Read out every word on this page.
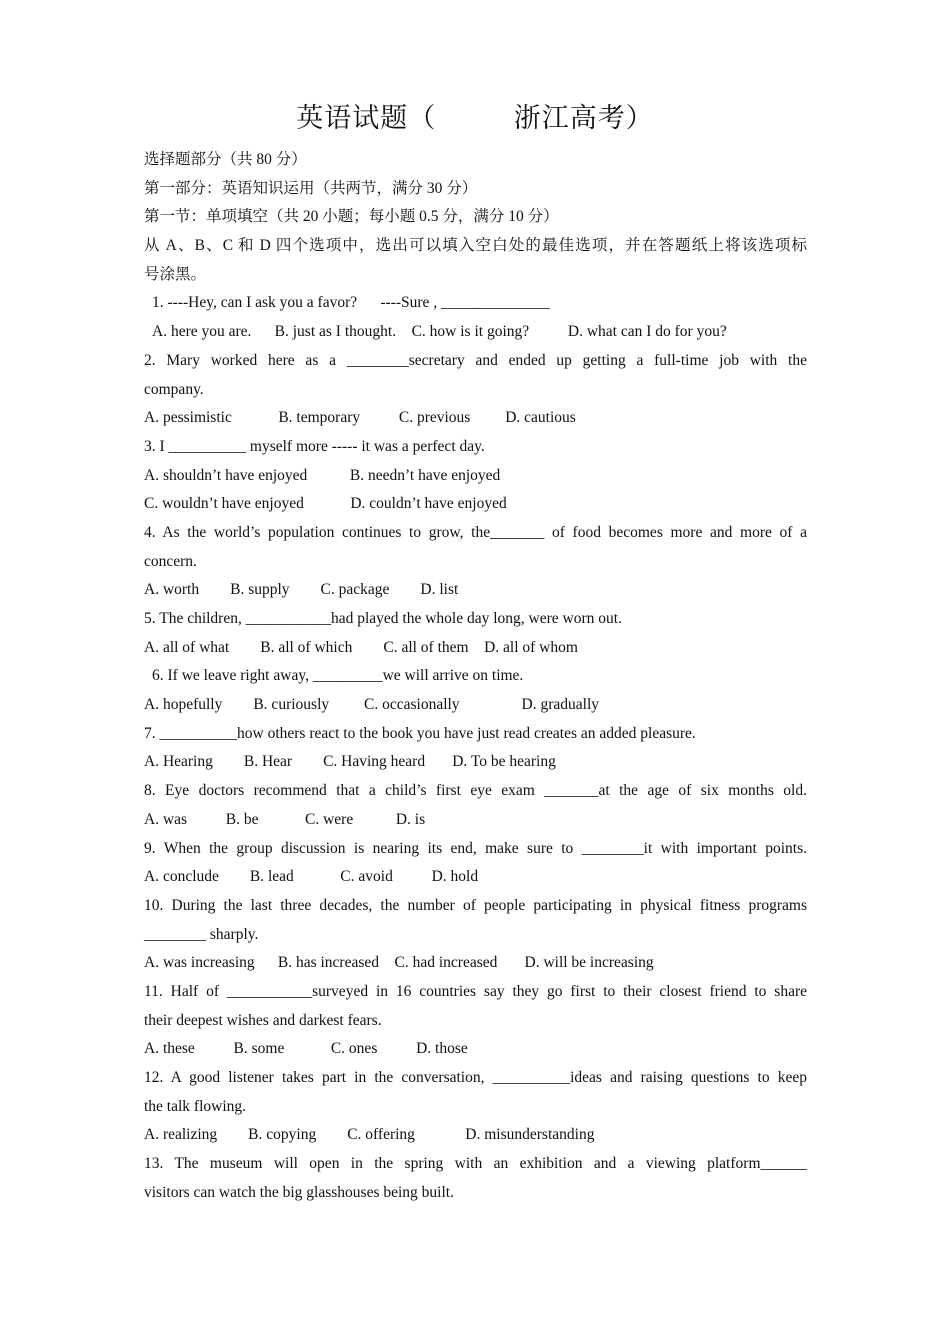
英语试题（          浙江高考）
选择题部分（共 80 分）
第一部分：英语知识运用（共两节，满分 30 分）
第一节：单项填空（共 20 小题；每小题 0.5 分，满分 10 分）
从 A、B、C 和 D 四个选项中，选出可以填入空白处的最佳选项，并在答题纸上将该选项标
号涂黑。
1. ----Hey, can I ask you a favor?      ----Sure , ______________
A. here you are.      B. just as I thought.    C. how is it going?          D. what can I do for you?
2. Mary worked here as a ________secretary and ended up getting a full-time job with the
company.
A. pessimistic            B. temporary          C. previous         D. cautious
3. I __________ myself more ----- it was a perfect day.
A. shouldn’t have enjoyed           B. needn’t have enjoyed
C. wouldn’t have enjoyed            D. couldn’t have enjoyed
4. As the world’s population continues to grow, the_______ of food becomes more and more of a
concern.
A. worth        B. supply        C. package        D. list
5. The children, ___________had played the whole day long, were worn out.
A. all of what        B. all of which        C. all of them    D. all of whom
6. If we leave right away, _________we will arrive on time.
A. hopefully        B. curiously         C. occasionally                D. gradually
7. __________how others react to the book you have just read creates an added pleasure.
A. Hearing        B. Hear        C. Having heard       D. To be hearing
8. Eye doctors recommend that a child’s first eye exam _______at the age of six months old.
A. was          B. be            C. were           D. is
9. When the group discussion is nearing its end, make sure to ________it with important points.
A. conclude        B. lead            C. avoid          D. hold
10. During the last three decades, the number of people participating in physical fitness programs
________ sharply.
A. was increasing      B. has increased    C. had increased       D. will be increasing
11. Half of ___________surveyed in 16 countries say they go first to their closest friend to share
their deepest wishes and darkest fears.
A. these          B. some            C. ones          D. those
12. A good listener takes part in the conversation, __________ideas and raising questions to keep
the talk flowing.
A. realizing        B. copying        C. offering             D. misunderstanding
13. The museum will open in the spring with an exhibition and a viewing platform______
visitors can watch the big glasshouses being built.
